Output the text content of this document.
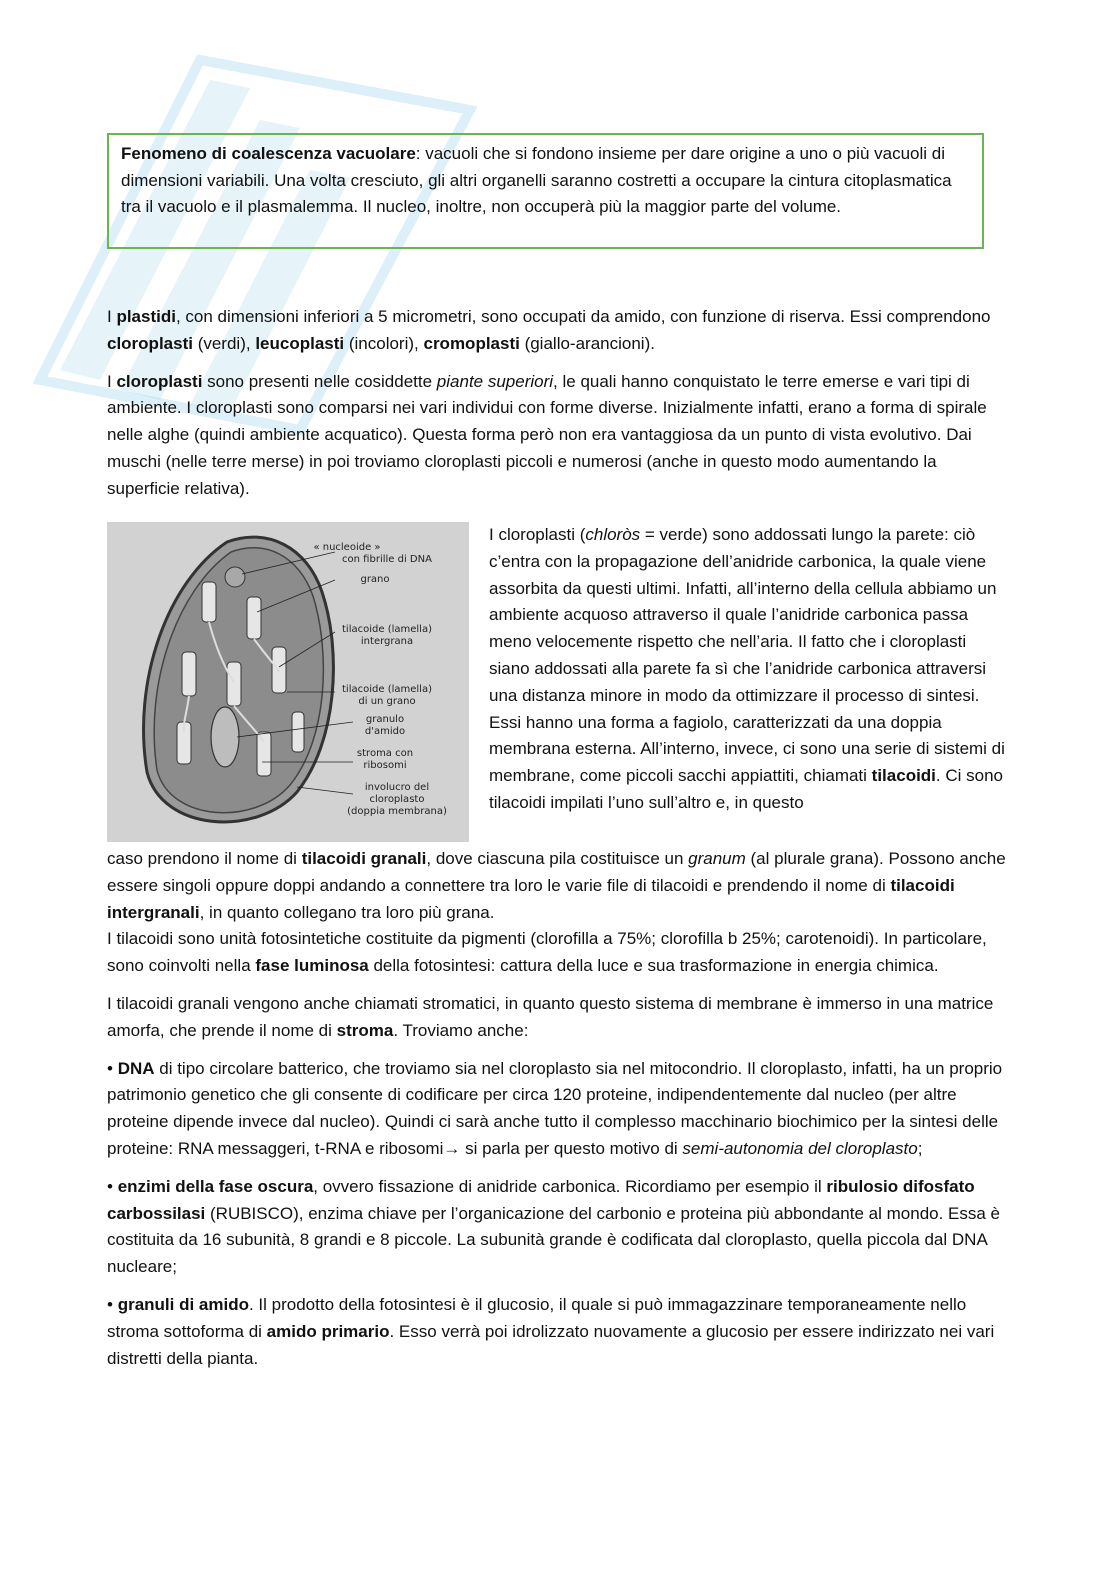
Fenomeno di coalescenza vacuolare: vacuoli che si fondono insieme per dare origine a uno o più vacuoli di dimensioni variabili. Una volta cresciuto, gli altri organelli saranno costretti a occupare la cintura citoplasmatica tra il vacuolo e il plasmalemma. Il nucleo, inoltre, non occuperà più la maggior parte del volume.

I plastidi, con dimensioni inferiori a 5 micrometri, sono occupati da amido, con funzione di riserva. Essi comprendono cloroplasti (verdi), leucoplasti (incolori), cromoplasti (giallo-arancioni).

I cloroplasti sono presenti nelle cosiddette piante superiori, le quali hanno conquistato le terre emerse e vari tipi di ambiente. I cloroplasti sono comparsi nei vari individui con forme diverse. Inizialmente infatti, erano a forma di spirale nelle alghe (quindi ambiente acquatico). Questa forma però non era vantaggiosa da un punto di vista evolutivo. Dai muschi (nelle terre merse) in poi troviamo cloroplasti piccoli e numerosi (anche in questo modo aumentando la superficie relativa).

« nucleoide »
con fibrille di DNA
grano
tilacoide (lamella)
intergrana
tilacoide (lamella)
di un grano
granulo
d'amido
stroma con
ribosomi
involucro del
cloroplasto
(doppia membrana)

I cloroplasti (chloròs = verde) sono addossati lungo la parete: ciò c’entra con la propagazione dell’anidride carbonica, la quale viene assorbita da questi ultimi. Infatti, all’interno della cellula abbiamo un ambiente acquoso attraverso il quale l’anidride carbonica passa meno velocemente rispetto che nell’aria. Il fatto che i cloroplasti siano addossati alla parete fa sì che l’anidride carbonica attraversi una distanza minore in modo da ottimizzare il processo di sintesi.

Essi hanno una forma a fagiolo, caratterizzati da una doppia membrana esterna. All’interno, invece, ci sono una serie di sistemi di membrane, come piccoli sacchi appiattiti, chiamati tilacoidi. Ci sono tilacoidi impilati l’uno sull’altro e, in questo

caso prendono il nome di tilacoidi granali, dove ciascuna pila costituisce un granum (al plurale grana). Possono anche essere singoli oppure doppi andando a connettere tra loro le varie file di tilacoidi e prendendo il nome di tilacoidi intergranali, in quanto collegano tra loro più grana.

I tilacoidi sono unità fotosintetiche costituite da pigmenti (clorofilla a 75%; clorofilla b 25%; carotenoidi). In particolare, sono coinvolti nella fase luminosa della fotosintesi: cattura della luce e sua trasformazione in energia chimica.

I tilacoidi granali vengono anche chiamati stromatici, in quanto questo sistema di membrane è immerso in una matrice amorfa, che prende il nome di stroma. Troviamo anche:

• DNA di tipo circolare batterico, che troviamo sia nel cloroplasto sia nel mitocondrio. Il cloroplasto, infatti, ha un proprio patrimonio genetico che gli consente di codificare per circa 120 proteine, indipendentemente dal nucleo (per altre proteine dipende invece dal nucleo). Quindi ci sarà anche tutto il complesso macchinario biochimico per la sintesi delle proteine: RNA messaggeri, t-RNA e ribosomi→ si parla per questo motivo di semi-autonomia del cloroplasto;

• enzimi della fase oscura, ovvero fissazione di anidride carbonica. Ricordiamo per esempio il ribulosio difosfato carbossilasi (RUBISCO), enzima chiave per l’organicazione del carbonio e proteina più abbondante al mondo. Essa è costituita da 16 subunità, 8 grandi e 8 piccole. La subunità grande è codificata dal cloroplasto, quella piccola dal DNA nucleare;

• granuli di amido. Il prodotto della fotosintesi è il glucosio, il quale si può immagazzinare temporaneamente nello stroma sottoforma di amido primario. Esso verrà poi idrolizzato nuovamente a glucosio per essere indirizzato nei vari distretti della pianta.
